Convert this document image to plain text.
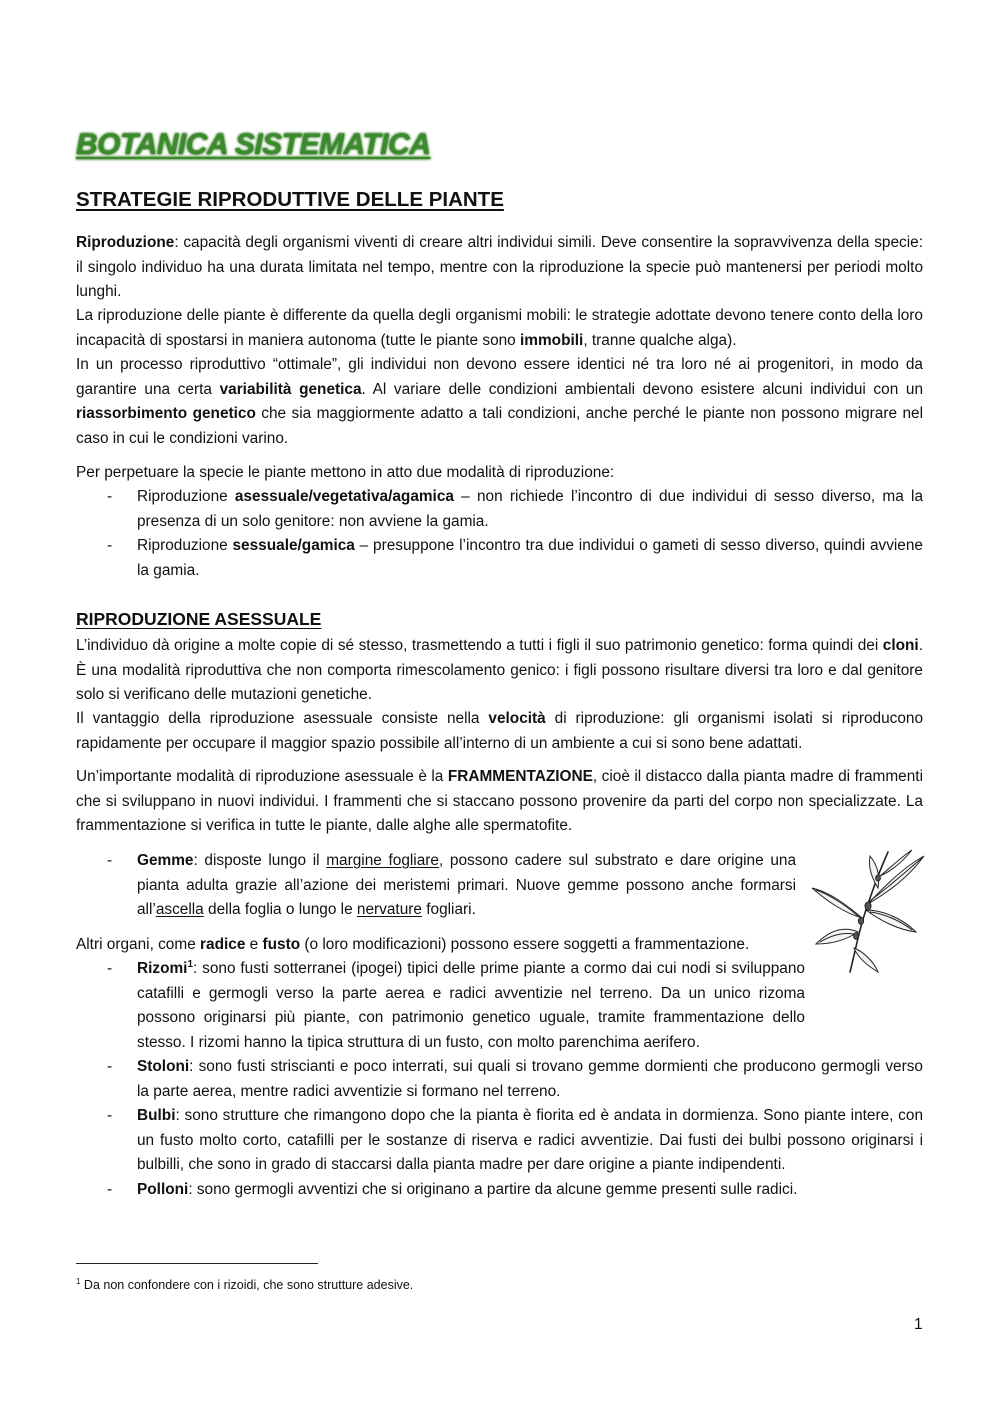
BOTANICA SISTEMATICA
STRATEGIE RIPRODUTTIVE DELLE PIANTE

Riproduzione: capacità degli organismi viventi di creare altri individui simili. Deve consentire la sopravvivenza della specie: il singolo individuo ha una durata limitata nel tempo, mentre con la riproduzione la specie può mantenersi per periodi molto lunghi.

La riproduzione delle piante è differente da quella degli organismi mobili: le strategie adottate devono tenere conto della loro incapacità di spostarsi in maniera autonoma (tutte le piante sono immobili, tranne qualche alga).

In un processo riproduttivo “ottimale”, gli individui non devono essere identici né tra loro né ai progenitori, in modo da garantire una certa variabilità genetica. Al variare delle condizioni ambientali devono esistere alcuni individui con un riassorbimento genetico che sia maggiormente adatto a tali condizioni, anche perché le piante non possono migrare nel caso in cui le condizioni varino.

Per perpetuare la specie le piante mettono in atto due modalità di riproduzione:

- Riproduzione asessuale/vegetativa/agamica – non richiede l’incontro di due individui di sesso diverso, ma la presenza di un solo genitore: non avviene la gamia.
- Riproduzione sessuale/gamica – presuppone l’incontro tra due individui o gameti di sesso diverso, quindi avviene la gamia.
RIPRODUZIONE ASESSUALE

L’individuo dà origine a molte copie di sé stesso, trasmettendo a tutti i figli il suo patrimonio genetico: forma quindi dei cloni. È una modalità riproduttiva che non comporta rimescolamento genico: i figli possono risultare diversi tra loro e dal genitore solo si verificano delle mutazioni genetiche.

Il vantaggio della riproduzione asessuale consiste nella velocità di riproduzione: gli organismi isolati si riproducono rapidamente per occupare il maggior spazio possibile all’interno di un ambiente a cui si sono bene adattati.

Un’importante modalità di riproduzione asessuale è la FRAMMENTAZIONE, cioè il distacco dalla pianta madre di frammenti che si sviluppano in nuovi individui. I frammenti che si staccano possono provenire da parti del corpo non specializzate. La frammentazione si verifica in tutte le piante, dalle alghe alle spermatofite.

- Gemme: disposte lungo il margine fogliare, possono cadere sul substrato e dare origine una pianta adulta grazie all’azione dei meristemi primari. Nuove gemme possono anche formarsi all’ascella della foglia o lungo le nervature fogliari.

Altri organi, come radice e fusto (o loro modificazioni) possono essere soggetti a frammentazione.

- Rizomi$^1$: sono fusti sotterranei (ipogei) tipici delle prime piante a cormo dai cui nodi si sviluppano catafilli e germogli verso la parte aerea e radici avventizie nel terreno. Da un unico rizoma possono originarsi più piante, con patrimonio genetico uguale, tramite frammentazione dello stesso. I rizomi hanno la tipica struttura di un fusto, con molto parenchima aerifero.
- Stoloni: sono fusti striscianti e poco interrati, sui quali si trovano gemme dormienti che producono germogli verso la parte aerea, mentre radici avventizie si formano nel terreno.
- Bulbi: sono strutture che rimangono dopo che la pianta è fiorita ed è andata in dormienza. Sono piante intere, con un fusto molto corto, catafilli per le sostanze di riserva e radici avventizie. Dai fusti dei bulbi possono originarsi i bulbilli, che sono in grado di staccarsi dalla pianta madre per dare origine a piante indipendenti.
- Polloni: sono germogli avventizi che si originano a partire da alcune gemme presenti sulle radici.

$^1$ Da non confondere con i rizoidi, che sono strutture adesive.

1
